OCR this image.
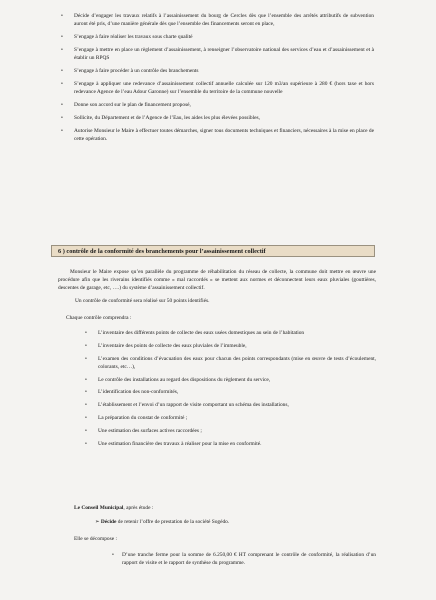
• Décide d’engager les travaux relatifs à l’assainissement du bourg de Cercles dès que l’ensemble des arrêtés attributifs de subvention auront été pris, d’une manière générale dès que l’ensemble des financements seront en place,
• S’engage à faire réaliser les travaux sous charte qualité
• S’engage à mettre en place un règlement d’assainissement, à renseigner l’observatoire national des services d’eau et d’assainissement et à établir un RPQS
• S’engage à faire procéder à un contrôle des branchements
• S’engage à appliquer une redevance d’assainissement collectif annuelle calculée sur 120 m3/an supérieure à 280 € (hors taxe et hors redevance Agence de l’eau Adour Garonne) sur l’ensemble du territoire de la commune nouvelle
• Donne son accord sur le plan de financement proposé,
• Sollicite, du Département et de l’Agence de l’Eau, les aides les plus élevées possibles,
• Autorise Monsieur le Maire à effectuer toutes démarches, signer tous documents techniques et financiers, nécessaires à la mise en place de cette opération.
6 ) contrôle de la conformité des branchements pour l’assainissement collectif
Monsieur le Maire expose qu’en parallèle du programme de réhabilitation du réseau de collecte, la commune doit mettre en œuvre une procédure afin que les riverains identifiés comme « mal raccordés » se mettent aux normes et déconnectent leurs eaux pluviales (gouttières, descentes de garage, etc, ….) du système d’assainissement collectif.
Un contrôle de conformité sera réalisé sur 50 points identifiés.
Chaque contrôle comprendra :
• L’inventaire des différents points de collecte des eaux usées domestiques au sein de l’habitation
• L’inventaire des points de collecte des eaux pluviales de l’immeuble,
• L’examen des conditions d’évacuation des eaux pour chacun des points correspondants (mise en œuvre de tests d’écoulement, colorants, etc…),
• Le contrôle des installations au regard des dispositions du règlement du service,
• L’identification des non-conformités,
• L’établissement et l’envoi d’un rapport de visite comportant un schéma des installations,
• La préparation du constat de conformité ;
• Une estimation des surfaces actives raccordées ;
• Une estimation financière des travaux à réaliser pour la mise en conformité.
Le Conseil Municipal, après étude :
➢ Décide de retenir l’offre de prestation de la société Sogédo.
Elle se décompose :
• D’une tranche ferme pour la somme de 6.250,00 € HT comprenant le contrôle de conformité, la réalisation d’un rapport de visite et le rapport de synthèse du programme.
